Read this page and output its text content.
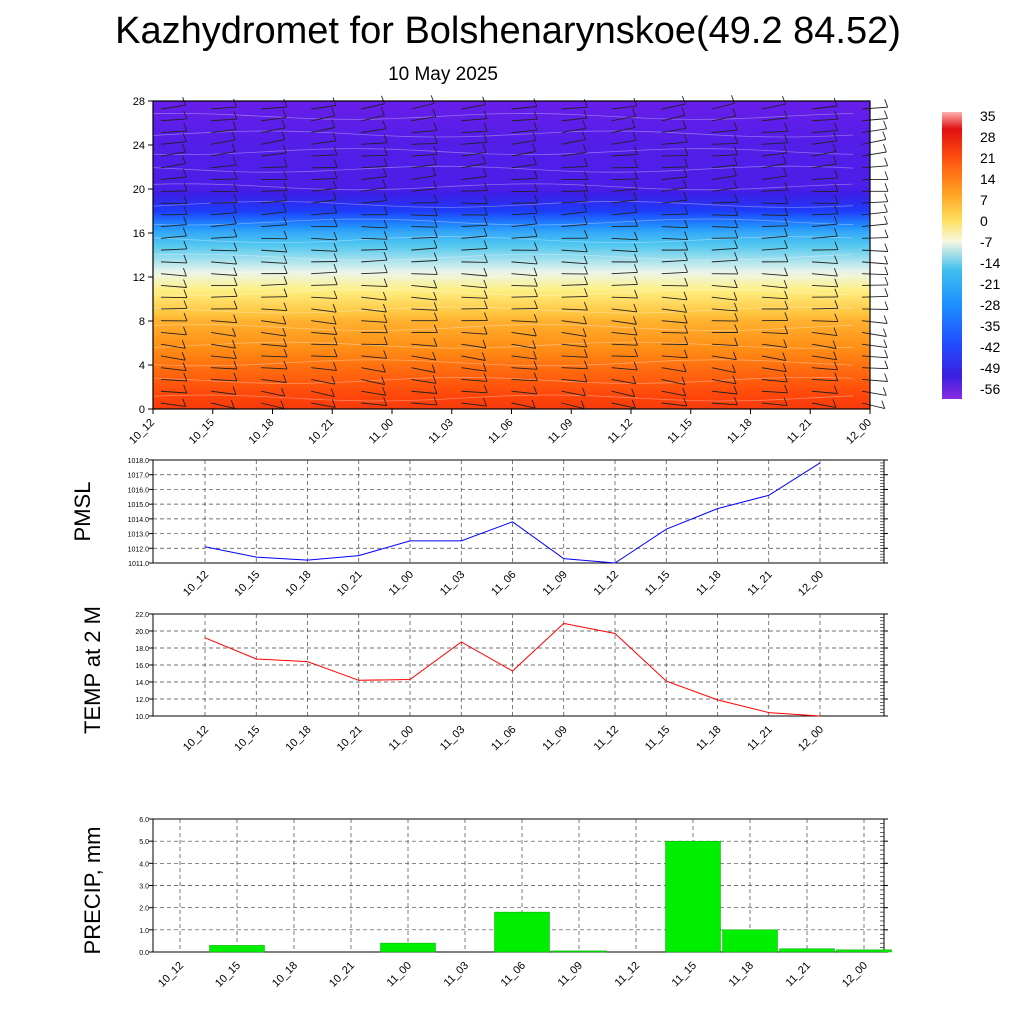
Kazhydromet for Bolshenarynskoe(49.2 84.52)
10 May 2025
0
4
8
12
16
20
24
28
10_12	10_15	10_18	10_21	11_00	11_03	11_06	11_09	11_12	11_15	11_18	11_21	12_00
35
28
21
14
7
0
-7
-14
-21
-28
-35
-42
-49
-56
1011.0
1012.0
1013.0
1014.0
1015.0
1016.0
1017.0
1018.0
10_12 10_15 10_18 10_21 11_00 11_03 11_06 11_09 11_12 11_15 11_18 11_21 12_00
PMSL
10.0
12.0
14.0
16.0
18.0
20.0
22.0
10_12 10_15 10_18 10_21 11_00 11_03 11_06 11_09 11_12 11_15 11_18 11_21 12_00
TEMP at 2 M
0.0
1.0
2.0
3.0
4.0
5.0
6.0
10_12 10_15 10_18 10_21 11_00 11_03 11_06 11_09 11_12 11_15 11_18 11_21 12_00
PRECIP, mm
